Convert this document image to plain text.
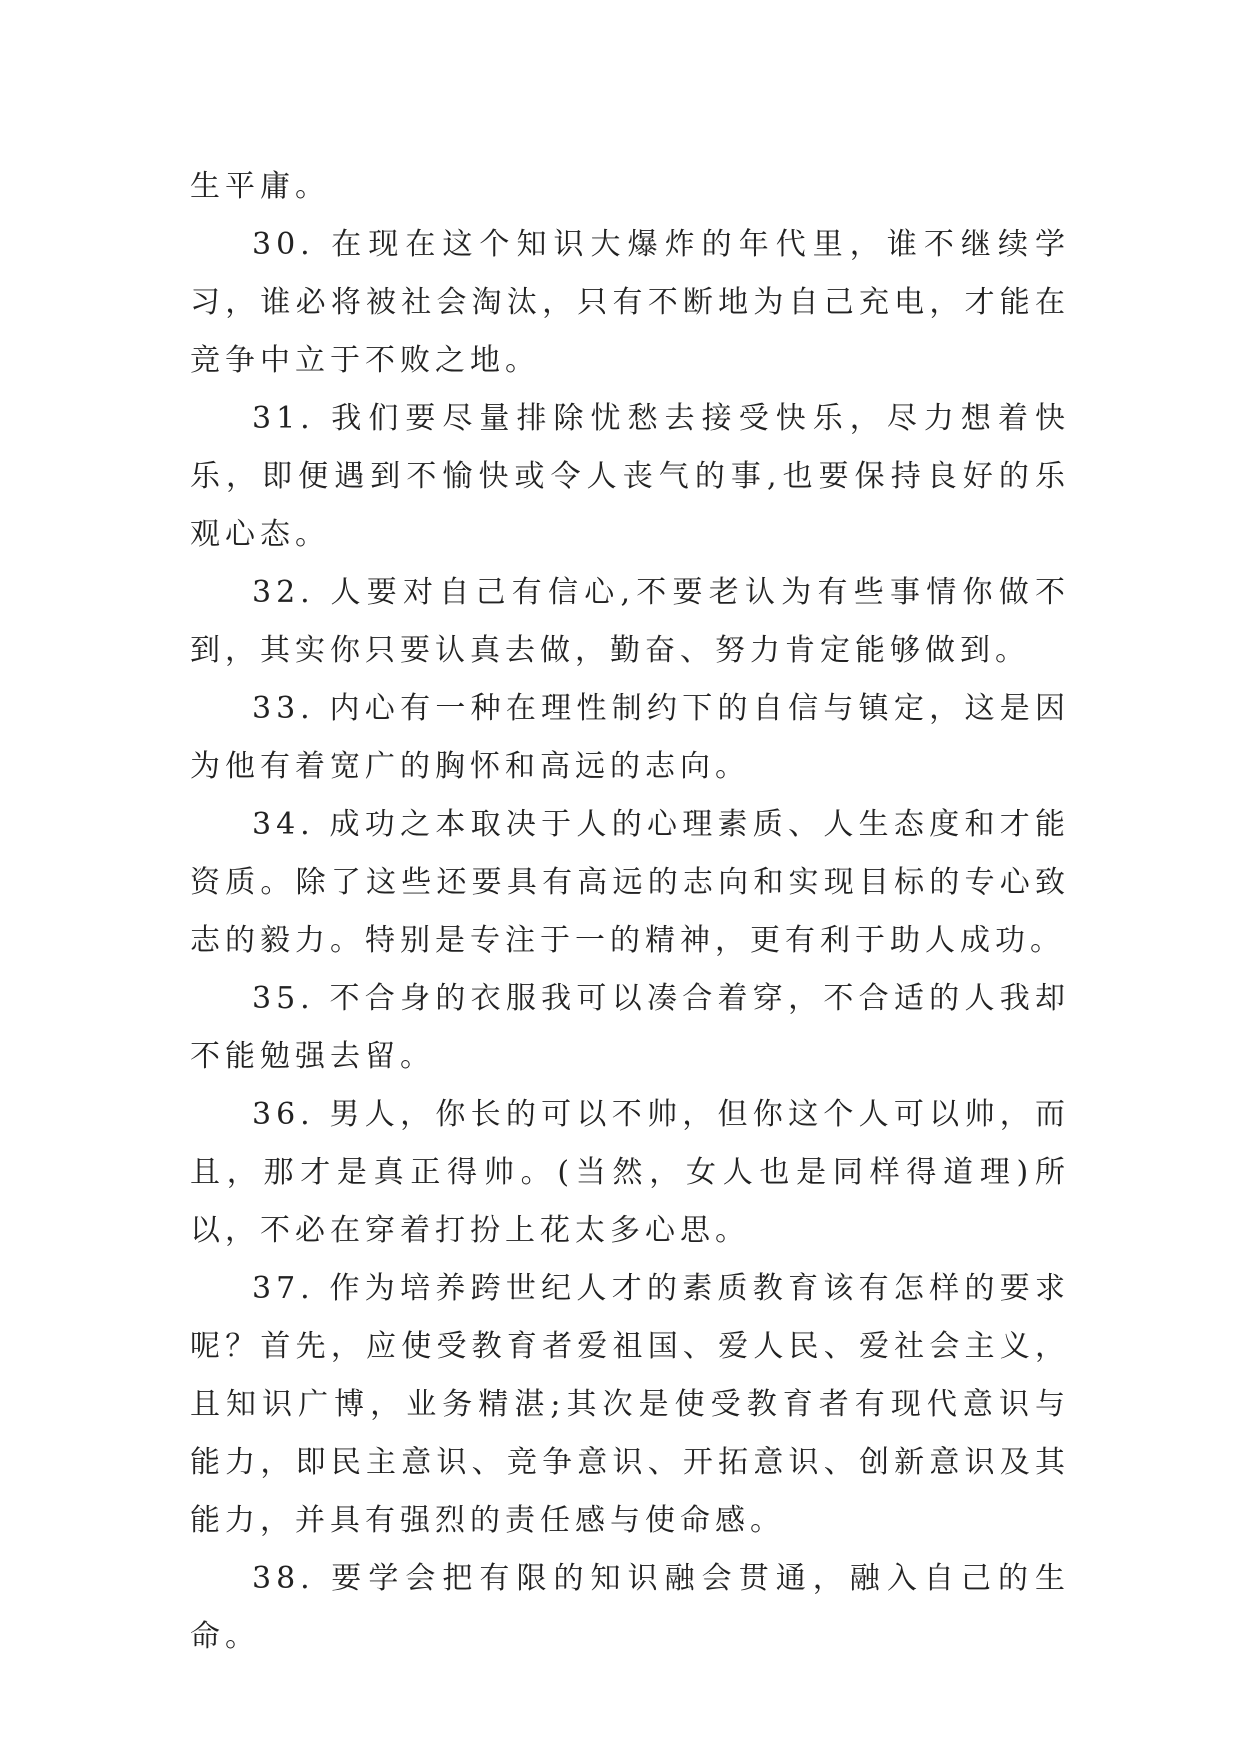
生平庸。

30. 在现在这个知识大爆炸的年代里，谁不继续学习，谁必将被社会淘汰，只有不断地为自己充电，才能在竞争中立于不败之地。

31. 我们要尽量排除忧愁去接受快乐，尽力想着快乐，即便遇到不愉快或令人丧气的事,也要保持良好的乐观心态。

32. 人要对自己有信心,不要老认为有些事情你做不到，其实你只要认真去做，勤奋、努力肯定能够做到。

33. 内心有一种在理性制约下的自信与镇定，这是因为他有着宽广的胸怀和高远的志向。

34. 成功之本取决于人的心理素质、人生态度和才能资质。除了这些还要具有高远的志向和实现目标的专心致志的毅力。特别是专注于一的精神，更有利于助人成功。

35. 不合身的衣服我可以凑合着穿，不合适的人我却不能勉强去留。

36. 男人，你长的可以不帅，但你这个人可以帅，而且，那才是真正得帅。(当然，女人也是同样得道理)所以，不必在穿着打扮上花太多心思。

37. 作为培养跨世纪人才的素质教育该有怎样的要求呢？首先，应使受教育者爱祖国、爱人民、爱社会主义，且知识广博，业务精湛;其次是使受教育者有现代意识与能力，即民主意识、竞争意识、开拓意识、创新意识及其能力，并具有强烈的责任感与使命感。

38. 要学会把有限的知识融会贯通，融入自己的生命。
